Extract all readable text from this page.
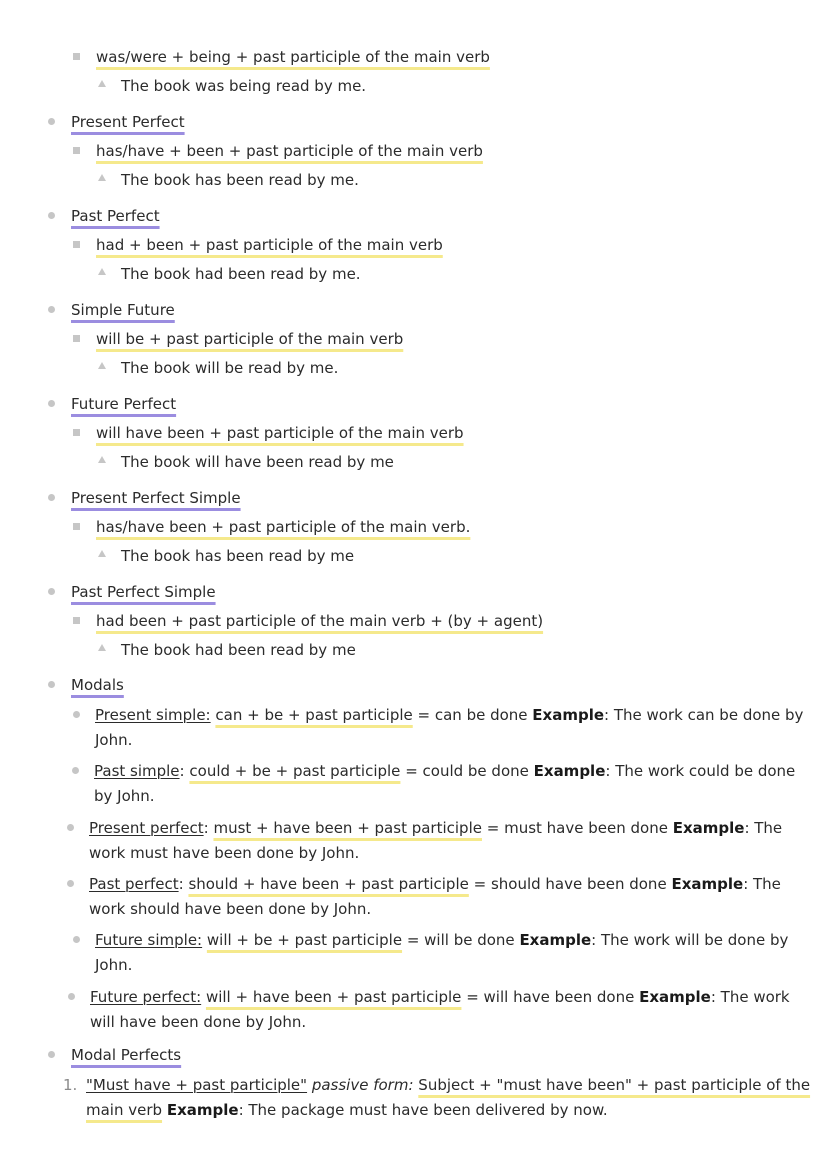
was/were + being + past participle of the main verb
The book was being read by me.
Present Perfect
has/have + been + past participle of the main verb
The book has been read by me.
Past Perfect
had + been + past participle of the main verb
The book had been read by me.
Simple Future
will be + past participle of the main verb
The book will be read by me.
Future Perfect
will have been + past participle of the main verb
The book will have been read by me
Present Perfect Simple
has/have been + past participle of the main verb.
The book has been read by me
Past Perfect Simple
had been + past participle of the main verb + (by + agent)
The book had been read by me
Modals
Present simple: can + be + past participle = can be done Example: The work can be done by
John.
Past simple: could + be + past participle = could be done Example: The work could be done
by John.
Present perfect: must + have been + past participle = must have been done Example: The
work must have been done by John.
Past perfect: should + have been + past participle = should have been done Example: The
work should have been done by John.
Future simple: will + be + past participle = will be done Example: The work will be done by
John.
Future perfect: will + have been + past participle = will have been done Example: The work
will have been done by John.
Modal Perfects
1. "Must have + past participle" passive form: Subject + "must have been" + past participle of the
main verb Example: The package must have been delivered by now.
